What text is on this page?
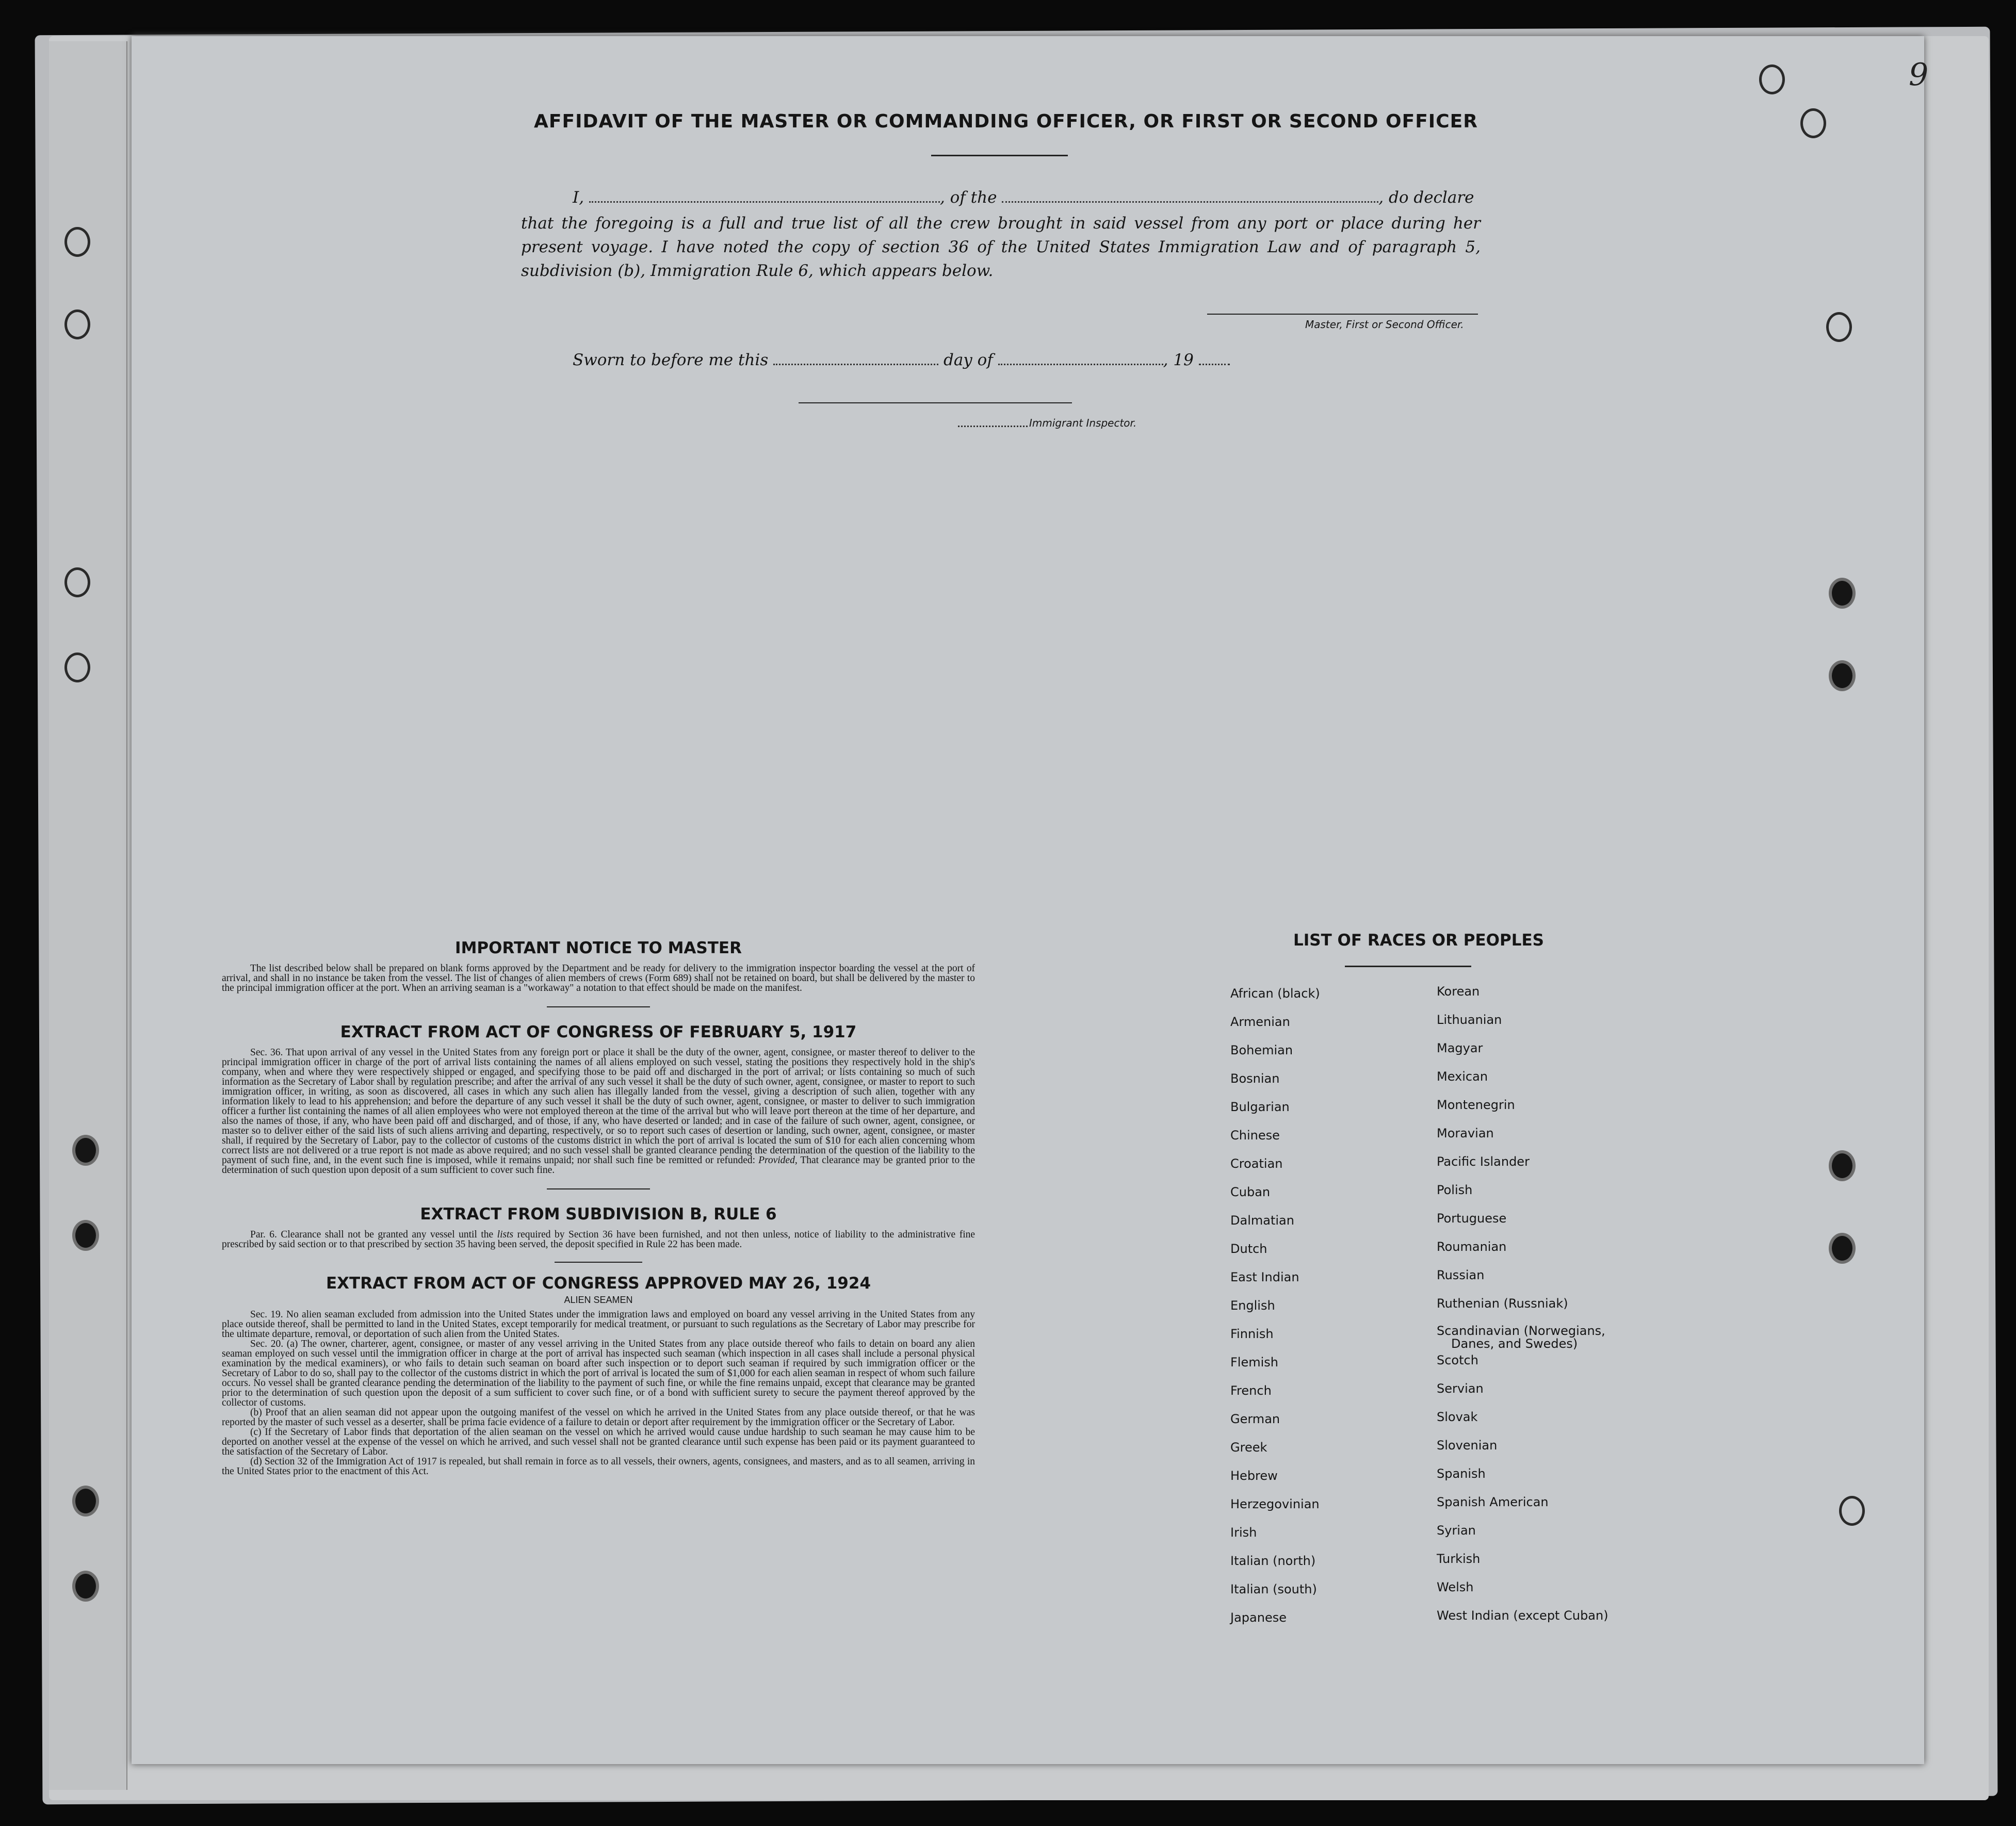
9
AFFIDAVIT OF THE MASTER OR COMMANDING OFFICER, OR FIRST OR SECOND OFFICER
I,	, of the	, do declare
that the foregoing is a full and true list of all the crew brought in said vessel from any port or place during her present voyage. I have noted the copy of section 36 of the United States Immigration Law and of paragraph 5, subdivision (b), Immigration Rule 6, which appears below.
Master, First or Second Officer.
Sworn to before me this	day of	, 19
Immigrant Inspector.
IMPORTANT NOTICE TO MASTER

The list described below shall be prepared on blank forms approved by the Department and be ready for delivery to the immigration inspector boarding the vessel at the port of arrival, and shall in no instance be taken from the vessel. The list of changes of alien members of crews (Form 689) shall not be retained on board, but shall be delivered by the master to the principal immigration officer at the port. When an arriving seaman is a "workaway" a notation to that effect should be made on the manifest.

EXTRACT FROM ACT OF CONGRESS OF FEBRUARY 5, 1917

Sec. 36. That upon arrival of any vessel in the United States from any foreign port or place it shall be the duty of the owner, agent, consignee, or master thereof to deliver to the principal immigration officer in charge of the port of arrival lists containing the names of all aliens employed on such vessel, stating the positions they respectively hold in the ship's company, when and where they were respectively shipped or engaged, and specifying those to be paid off and discharged in the port of arrival; or lists containing so much of such information as the Secretary of Labor shall by regulation prescribe; and after the arrival of any such vessel it shall be the duty of such owner, agent, consignee, or master to report to such immigration officer, in writing, as soon as discovered, all cases in which any such alien has illegally landed from the vessel, giving a description of such alien, together with any information likely to lead to his apprehension; and before the departure of any such vessel it shall be the duty of such owner, agent, consignee, or master to deliver to such immigration officer a further list containing the names of all alien employees who were not employed thereon at the time of the arrival but who will leave port thereon at the time of her departure, and also the names of those, if any, who have been paid off and discharged, and of those, if any, who have deserted or landed; and in case of the failure of such owner, agent, consignee, or master so to deliver either of the said lists of such aliens arriving and departing, respectively, or so to report such cases of desertion or landing, such owner, agent, consignee, or master shall, if required by the Secretary of Labor, pay to the collector of customs of the customs district in which the port of arrival is located the sum of $10 for each alien concerning whom correct lists are not delivered or a true report is not made as above required; and no such vessel shall be granted clearance pending the determination of the question of the liability to the payment of such fine, and, in the event such fine is imposed, while it remains unpaid; nor shall such fine be remitted or refunded: Provided, That clearance may be granted prior to the determination of such question upon deposit of a sum sufficient to cover such fine.

EXTRACT FROM SUBDIVISION B, RULE 6

Par. 6. Clearance shall not be granted any vessel until the lists required by Section 36 have been furnished, and not then unless, notice of liability to the administrative fine prescribed by said section or to that prescribed by section 35 having been served, the deposit specified in Rule 22 has been made.

EXTRACT FROM ACT OF CONGRESS APPROVED MAY 26, 1924
ALIEN SEAMEN

Sec. 19. No alien seaman excluded from admission into the United States under the immigration laws and employed on board any vessel arriving in the United States from any place outside thereof, shall be permitted to land in the United States, except temporarily for medical treatment, or pursuant to such regulations as the Secretary of Labor may prescribe for the ultimate departure, removal, or deportation of such alien from the United States.

Sec. 20. (a) The owner, charterer, agent, consignee, or master of any vessel arriving in the United States from any place outside thereof who fails to detain on board any alien seaman employed on such vessel until the immigration officer in charge at the port of arrival has inspected such seaman (which inspection in all cases shall include a personal physical examination by the medical examiners), or who fails to detain such seaman on board after such inspection or to deport such seaman if required by such immigration officer or the Secretary of Labor to do so, shall pay to the collector of the customs district in which the port of arrival is located the sum of $1,000 for each alien seaman in respect of whom such failure occurs. No vessel shall be granted clearance pending the determination of the liability to the payment of such fine, or while the fine remains unpaid, except that clearance may be granted prior to the determination of such question upon the deposit of a sum sufficient to cover such fine, or of a bond with sufficient surety to secure the payment thereof approved by the collector of customs.

(b) Proof that an alien seaman did not appear upon the outgoing manifest of the vessel on which he arrived in the United States from any place outside thereof, or that he was reported by the master of such vessel as a deserter, shall be prima facie evidence of a failure to detain or deport after requirement by the immigration officer or the Secretary of Labor.

(c) If the Secretary of Labor finds that deportation of the alien seaman on the vessel on which he arrived would cause undue hardship to such seaman he may cause him to be deported on another vessel at the expense of the vessel on which he arrived, and such vessel shall not be granted clearance until such expense has been paid or its payment guaranteed to the satisfaction of the Secretary of Labor.

(d) Section 32 of the Immigration Act of 1917 is repealed, but shall remain in force as to all vessels, their owners, agents, consignees, and masters, and as to all seamen, arriving in the United States prior to the enactment of this Act.

LIST OF RACES OR PEOPLES
African (black)
Armenian
Bohemian
Bosnian
Bulgarian
Chinese
Croatian
Cuban
Dalmatian
Dutch
East Indian
English
Finnish
Flemish
French
German
Greek
Hebrew
Herzegovinian
Irish
Italian (north)
Italian (south)
Japanese
Korean
Lithuanian
Magyar
Mexican
Montenegrin
Moravian
Pacific Islander
Polish
Portuguese
Roumanian
Russian
Ruthenian (Russniak)
Scandinavian (Norwegians,
Danes, and Swedes)
Scotch
Servian
Slovak
Slovenian
Spanish
Spanish American
Syrian
Turkish
Welsh
West Indian (except Cuban)
